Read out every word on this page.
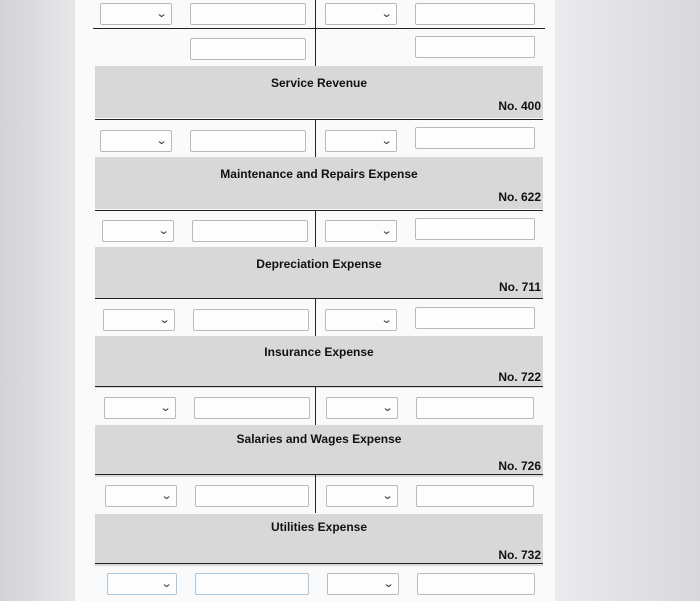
⌄	⌄
Service Revenue
No. 400
⌄	⌄
Maintenance and Repairs Expense
No. 622
⌄	⌄
Depreciation Expense
No. 711
⌄	⌄
Insurance Expense
No. 722
⌄	⌄
Salaries and Wages Expense
No. 726
⌄	⌄
Utilities Expense
No. 732
⌄	⌄
